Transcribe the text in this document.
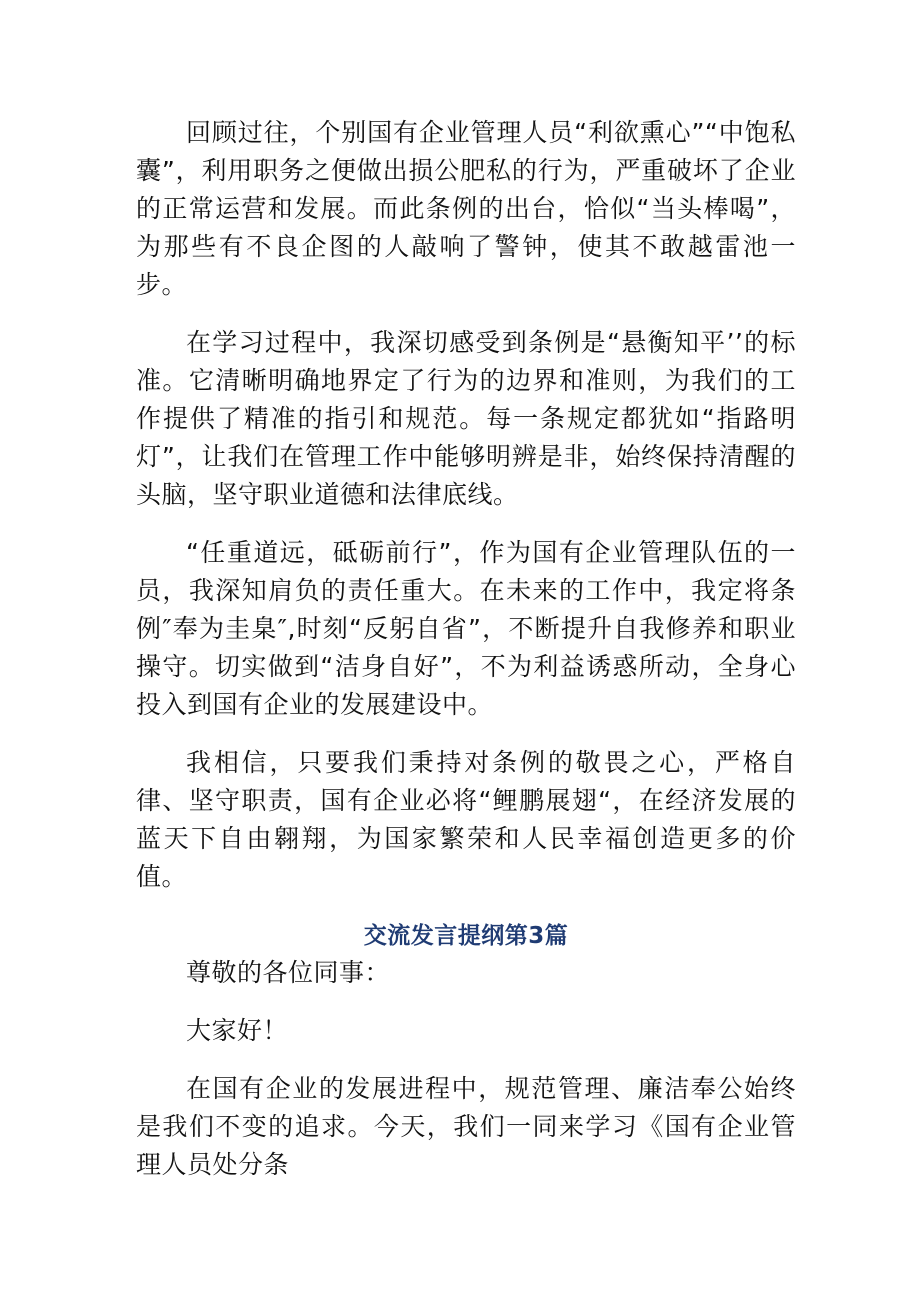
回顾过往，个别国有企业管理人员“利欲熏心”“中饱私囊”，利用职务之便做出损公肥私的行为，严重破坏了企业的正常运营和发展。而此条例的出台，恰似“当头棒喝”，为那些有不良企图的人敲响了警钟，使其不敢越雷池一步。

在学习过程中，我深切感受到条例是“悬衡知平’’的标准。它清晰明确地界定了行为的边界和准则，为我们的工作提供了精准的指引和规范。每一条规定都犹如“指路明灯”，让我们在管理工作中能够明辨是非，始终保持清醒的头脑，坚守职业道德和法律底线。

“任重道远，砥砺前行”，作为国有企业管理队伍的一员，我深知肩负的责任重大。在未来的工作中，我定将条例″奉为圭臬″,时刻“反躬自省”，不断提升自我修养和职业操守。切实做到“洁身自好”，不为利益诱惑所动，全身心投入到国有企业的发展建设中。

我相信，只要我们秉持对条例的敬畏之心，严格自律、坚守职责，国有企业必将“鲤鹏展翅“，在经济发展的蓝天下自由翱翔，为国家繁荣和人民幸福创造更多的价值。

交流发言提纲第3篇

尊敬的各位同事：

大家好！

在国有企业的发展进程中，规范管理、廉洁奉公始终是我们不变的追求。今天，我们一同来学习《国有企业管理人员处分条
